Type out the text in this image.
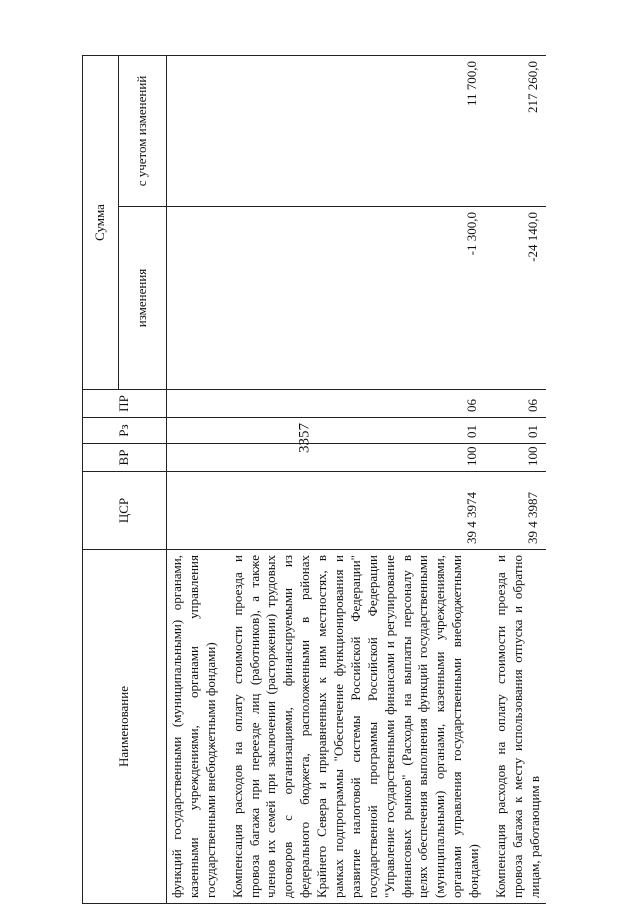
3357
Наименование	ЦСР	ВР	Рз	ПР	Сумма	
					изменения	с учетом изменений
функций государственными (муниципальными) органами, казенными учреждениями, органами управления государственными внебюджетными фондами)						
Компенсация расходов на оплату стоимости проезда и провоза багажа при переезде лиц (работников), а также членов их семей при заключении (расторжении) трудовых договоров с организациями, финансируемыми из федерального бюджета, расположенными в районах Крайнего Севера и приравненных к ним местностях, в рамках подпрограммы "Обеспечение функционирования и развитие налоговой системы Российской Федерации" государственной программы Российской Федерации "Управление государственными финансами и регулирование финансовых рынков" (Расходы на выплаты персоналу в целях обеспечения выполнения функций государственными (муниципальными) органами, казенными учреждениями, органами управления государственными внебюджетными фондами)	39 4 3974	100	01	06	-1 300,0	11 700,0
Компенсация расходов на оплату стоимости проезда и провоза багажа к месту использования отпуска и обратно лицам, работающим в	39 4 3987	100	01	06	-24 140,0	217 260,0
